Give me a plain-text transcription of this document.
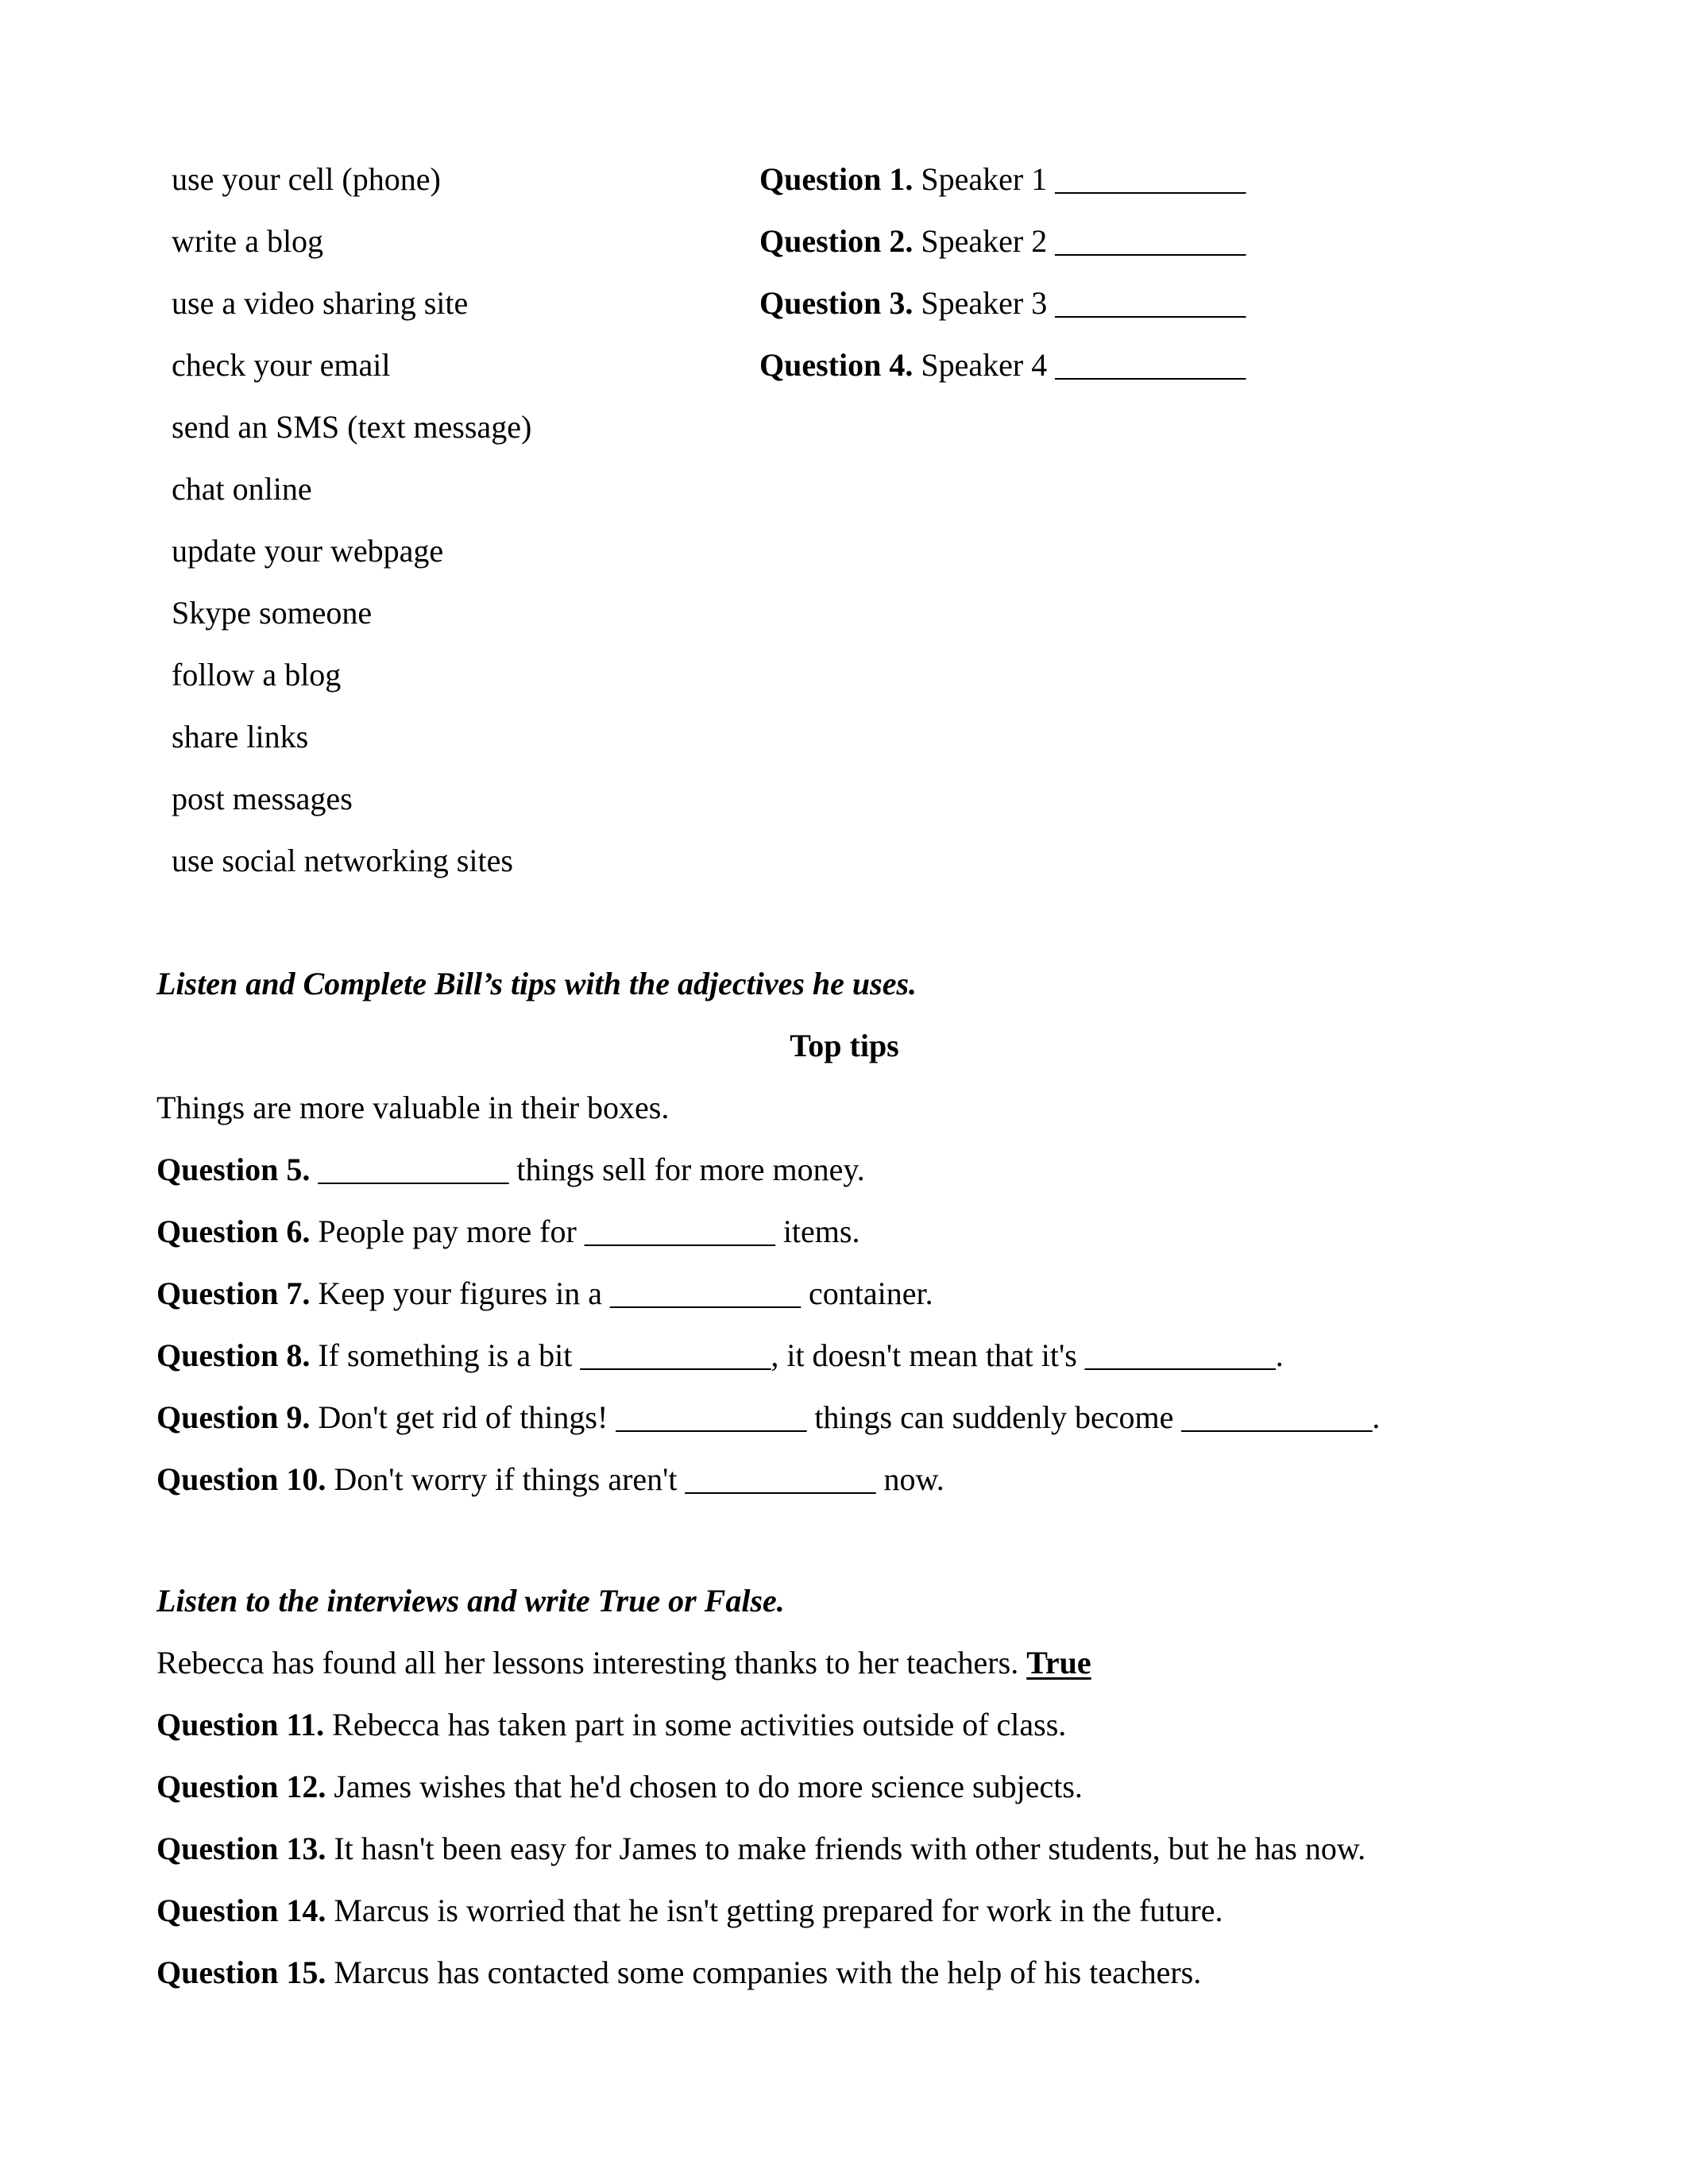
use your cell (phone)
write a blog
use a video sharing site
check your email
send an SMS (text message)
chat online
update your webpage
Skype someone
follow a blog
share links
post messages
use social networking sites
Question 1. Speaker 1 ____________
Question 2. Speaker 2 ____________
Question 3. Speaker 3 ____________
Question 4. Speaker 4 ____________
Listen and Complete Bill’s tips with the adjectives he uses.
Top tips
Things are more valuable in their boxes.
Question 5. ____________ things sell for more money.
Question 6. People pay more for ____________ items.
Question 7. Keep your figures in a ____________ container.
Question 8. If something is a bit ____________, it doesn't mean that it's ____________.
Question 9. Don't get rid of things! ____________ things can suddenly become ____________.
Question 10. Don't worry if things aren't ____________ now.
Listen to the interviews and write True or False.
Rebecca has found all her lessons interesting thanks to her teachers. True
Question 11. Rebecca has taken part in some activities outside of class.
Question 12. James wishes that he'd chosen to do more science subjects.
Question 13. It hasn't been easy for James to make friends with other students, but he has now.
Question 14. Marcus is worried that he isn't getting prepared for work in the future.
Question 15. Marcus has contacted some companies with the help of his teachers.
